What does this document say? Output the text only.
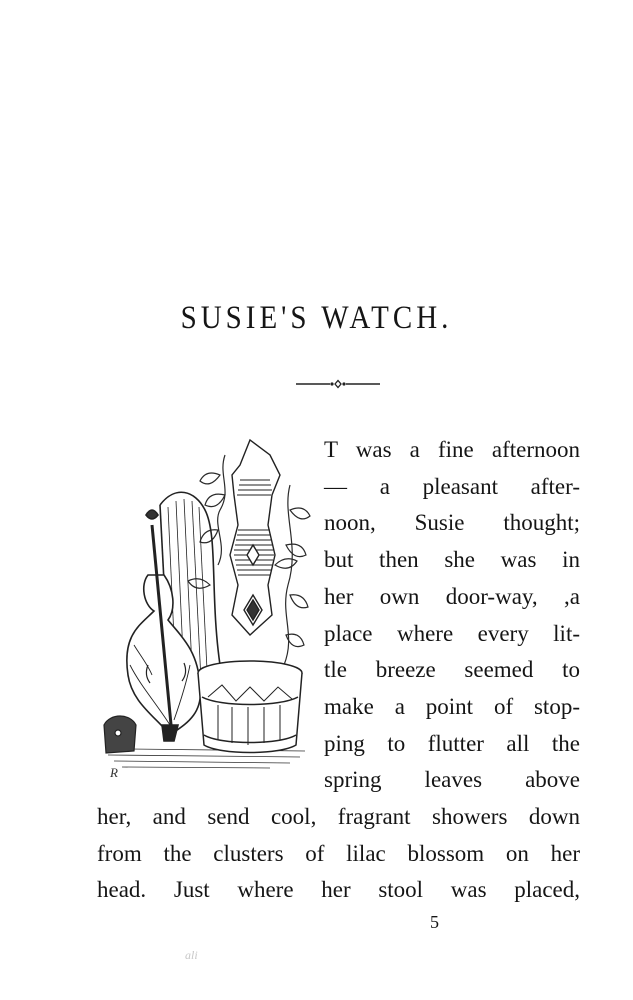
SUSIE'S WATCH.
R
T was a fine afternoon
— a pleasant after-
noon, Susie thought;
but then she was in
her own door-way, ,a
place where every lit-
tle breeze seemed to
make a point of stop-
ping to flutter all the
spring leaves above
her, and send cool, fragrant showers down
from the clusters of lilac blossom on her
head. Just where her stool was placed,
5
ali
